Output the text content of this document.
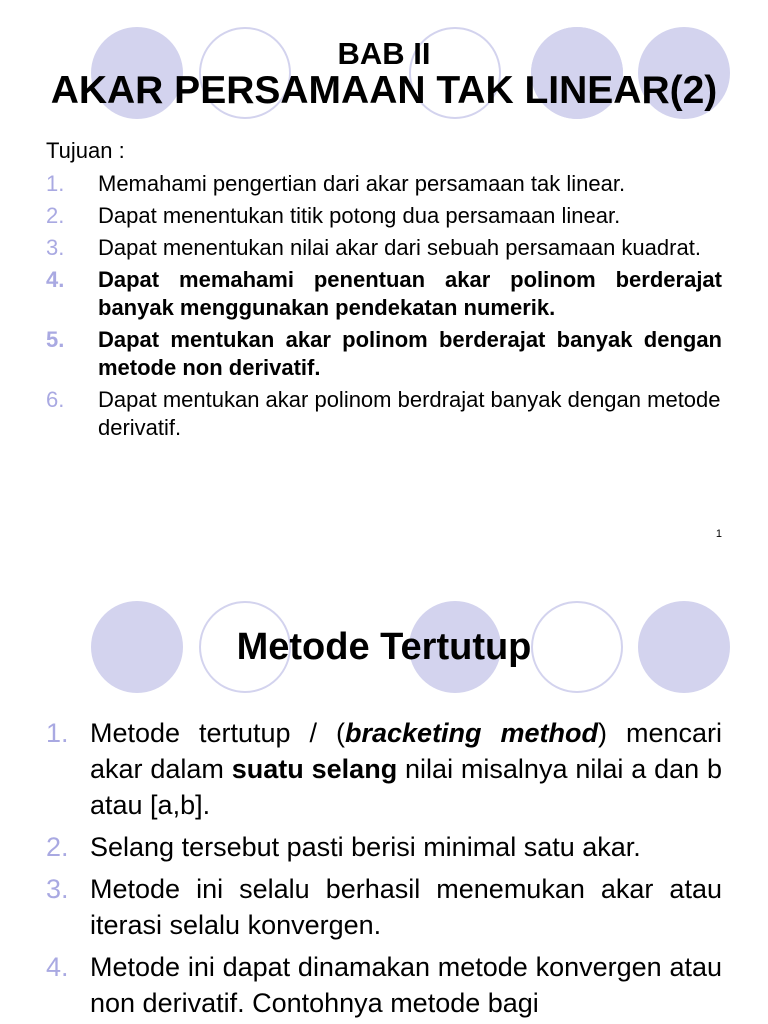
BAB II

AKAR PERSAMAAN TAK LINEAR(2)

Tujuan :

1. Memahami pengertian dari akar persamaan tak linear.
2. Dapat menentukan titik potong dua persamaan linear.
3. Dapat menentukan nilai akar dari sebuah persamaan kuadrat.
4. Dapat memahami penentuan akar polinom berderajat banyak menggunakan pendekatan numerik.
5. Dapat mentukan akar polinom berderajat banyak dengan metode non derivatif.
6. Dapat mentukan akar polinom berdrajat banyak dengan metode derivatif.

1

Metode Tertutup

1. Metode tertutup / (bracketing method) mencari akar dalam suatu selang nilai misalnya nilai a dan b atau [a,b].
2. Selang tersebut pasti berisi minimal satu akar.
3. Metode ini selalu berhasil menemukan akar atau iterasi selalu konvergen.
4. Metode ini dapat dinamakan metode konvergen atau non derivatif. Contohnya metode bagi
